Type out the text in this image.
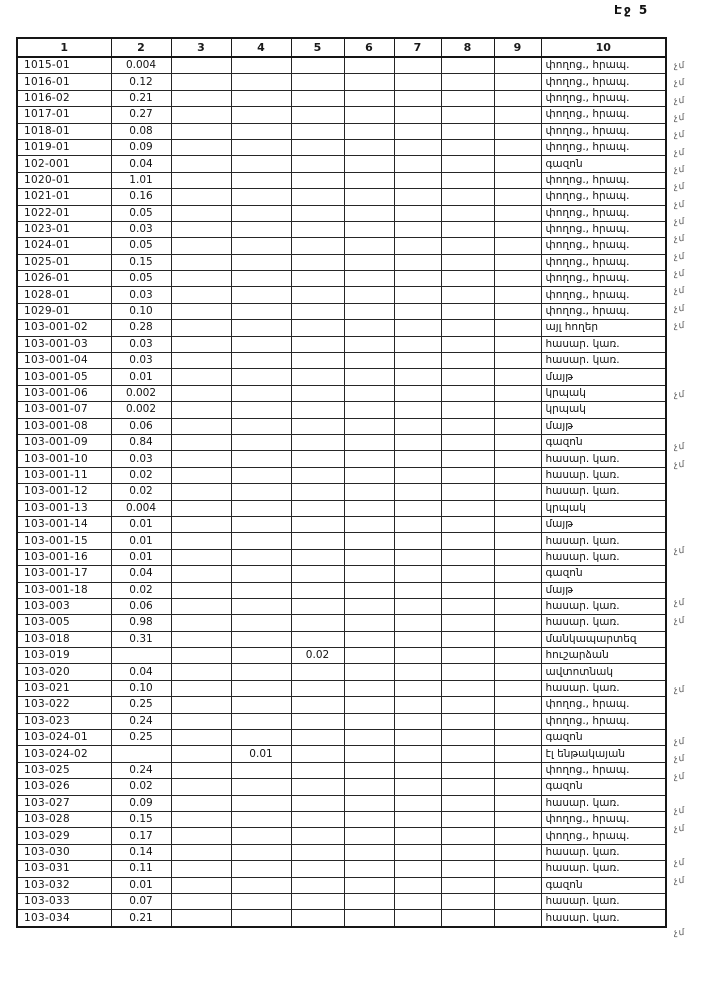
Էջ 5
1	2	3	4	5	6	7	8	9	10
1015-01	0.004								փողոց., հրապ.
1016-01	0.12								փողոց., հրապ.
1016-02	0.21								փողոց., հրապ.
1017-01	0.27								փողոց., հրապ.
1018-01	0.08								փողոց., հրապ.
1019-01	0.09								փողոց., հրապ.
102-001	0.04								գազոն
1020-01	1.01								փողոց., հրապ.
1021-01	0.16								փողոց., հրապ.
1022-01	0.05								փողոց., հրապ.
1023-01	0.03								փողոց., հրապ.
1024-01	0.05								փողոց., հրապ.
1025-01	0.15								փողոց., հրապ.
1026-01	0.05								փողոց., հրապ.
1028-01	0.03								փողոց., հրապ.
1029-01	0.10								փողոց., հրապ.
103-001-02	0.28								այլ հողեր
103-001-03	0.03								հասար. կառ.
103-001-04	0.03								հասար. կառ.
103-001-05	0.01								մայթ
103-001-06	0.002								կրպակ
103-001-07	0.002								կրպակ
103-001-08	0.06								մայթ
103-001-09	0.84								գազոն
103-001-10	0.03								հասար. կառ.
103-001-11	0.02								հասար. կառ.
103-001-12	0.02								հասար. կառ.
103-001-13	0.004								կրպակ
103-001-14	0.01								մայթ
103-001-15	0.01								հասար. կառ.
103-001-16	0.01								հասար. կառ.
103-001-17	0.04								գազոն
103-001-18	0.02								մայթ
103-003	0.06								հասար. կառ.
103-005	0.98								հասար. կառ.
103-018	0.31								մանկապարտեզ
103-019				0.02					հուշարձան
103-020	0.04								ավտոտնակ
103-021	0.10								հասար. կառ.
103-022	0.25								փողոց., հրապ.
103-023	0.24								փողոց., հրապ.
103-024-01	0.25								գազոն
103-024-02			0.01						էլ ենթակայան
103-025	0.24								փողոց., հրապ.
103-026	0.02								գազոն
103-027	0.09								հասար. կառ.
103-028	0.15								փողոց., հրապ.
103-029	0.17								փողոց., հրապ.
103-030	0.14								հասար. կառ.
103-031	0.11								հասար. կառ.
103-032	0.01								գազոն
103-033	0.07								հասար. կառ.
103-034	0.21								հասար. կառ.
չմ
չմ
չմ
չմ
չմ
չմ
չմ
չմ
չմ
չմ
չմ
չմ
չմ
չմ
չմ
չմ
չմ
չմ
չմ
չմ
չմ
չմ
չմ
չմ
չմ
չմ
չմ
չմ
չմ
չմ
չմ
